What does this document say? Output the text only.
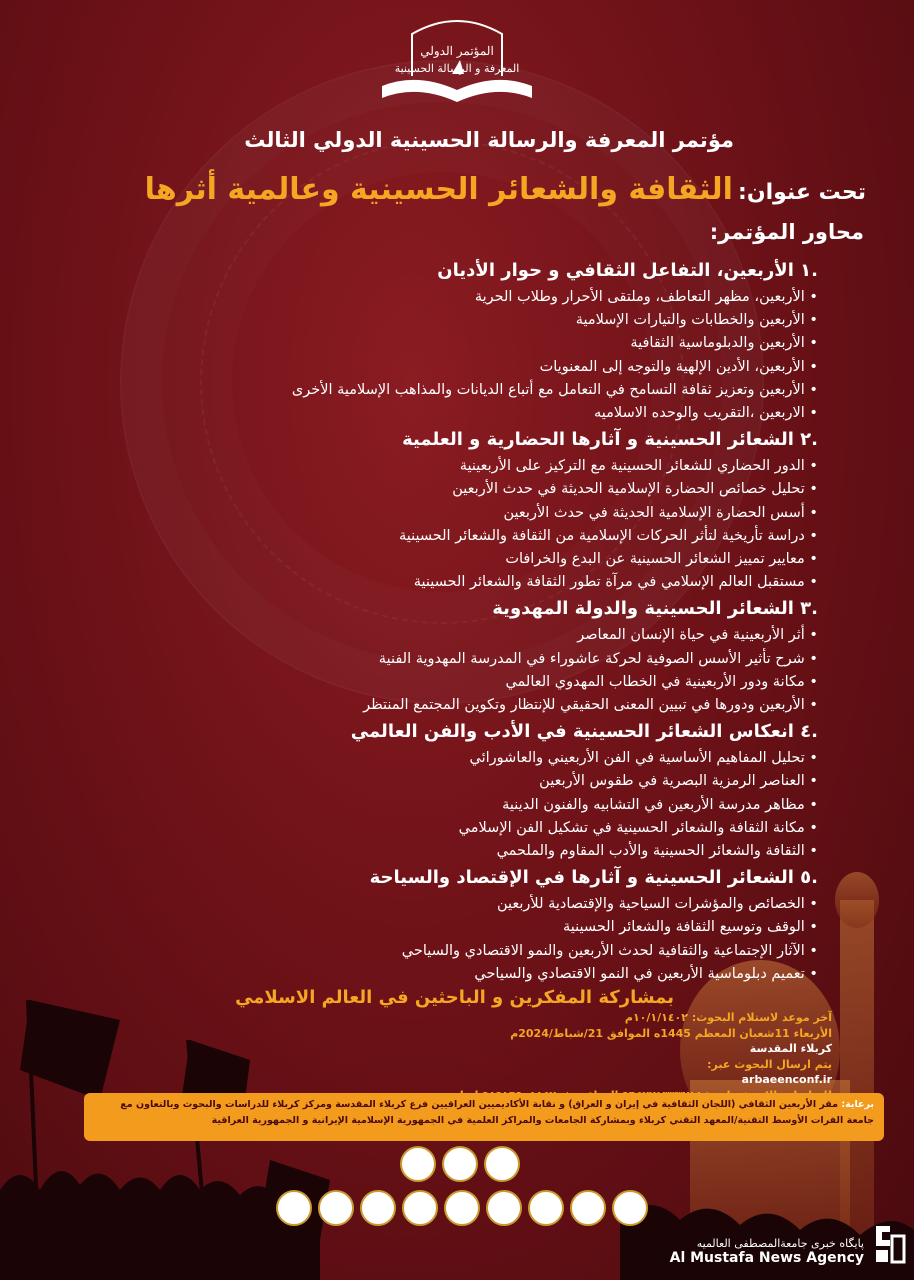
المؤتمر الدولي
المعرفة و الرسالة الحسينية
مؤتمر المعرفة والرسالة الحسينية الدولي الثالث
تحت عنوان: الثقافة والشعائر الحسينية وعالمية أثرها
محاور المؤتمر:
.١ الأربعين، التفاعل الثقافي و حوار الأديان
• الأربعين، مظهر التعاطف، وملتقى الأحرار وطلاب الحرية
• الأربعين والخطابات والتيارات الإسلامية
• الأربعين والدبلوماسية الثقافية
• الأربعين، الأدين الإلهية والتوجه إلى المعنويات
• الأربعين وتعزيز ثقافة التسامح في التعامل مع أتباع الديانات والمذاهب الإسلامية الأخرى
• الاربعين ،التقريب والوحده الاسلاميه
.٢ الشعائر الحسينية و آثارها الحضارية و العلمية
• الدور الحضاري للشعائر الحسينية مع التركيز على الأربعينية
• تحليل خصائص الحضارة الإسلامية الحديثة في حدث الأربعين
• أسس الحضارة الإسلامية الحديثة في حدث الأربعين
• دراسة تأريخية لتأثر الحركات الإسلامية من الثقافة والشعائر الحسينية
• معايير تمييز الشعائر الحسينية عن البدع والخرافات
• مستقبل العالم الإسلامي في مرآة تطور الثقافة والشعائر الحسينية
.٣ الشعائر الحسينية والدولة المهدوية
• أثر الأربعينية في حياة الإنسان المعاصر
• شرح تأثير الأسس الصوفية لحركة عاشوراء في المدرسة المهدوية الفنية
• مكانة ودور الأربعينية في الخطاب المهدوي العالمي
• الأربعين ودورها في تبيين المعنى الحقيقي للإنتظار وتكوين المجتمع المنتظر
.٤ انعكاس الشعائر الحسينية في الأدب والفن العالمي
• تحليل المفاهيم الأساسية في الفن الأربعيني والعاشورائي
• العناصر الرمزية البصرية في طقوس الأربعين
• مظاهر مدرسة الأربعين في التشابيه والفنون الدينية
• مكانة الثقافة والشعائر الحسينية في تشكيل الفن الإسلامي
• الثقافة والشعائر الحسينية والأدب المقاوم والملحمي
.٥ الشعائر الحسينية و آثارها في الإقتصاد والسياحة
• الخصائص والمؤشرات السياحية والإقتصادية للأربعين
• الوقف وتوسيع الثقافة والشعائر الحسينية
• الآثار الإجتماعية والثقافية لحدث الأربعين والنمو الاقتصادي والسياحي
• تعميم دبلوماسية الأربعين في النمو الاقتصادي والسياحي
بمشاركة المفكرين و الباحثين في العالم الاسلامي
آخر موعد لاستلام البحوث: ١٠/١/١٤٠٢م
الأربعاء 11شعبان المعظم 1445ه الموافق 21/شباط/2024م
كربلاء المقدسة
يتم ارسال البحوث عبر:
arbaeenconf.ir
برعاية: مقر الأربعين الثقافي (اللجان الثقافية في إيران و العراق) و نقابة الأكاديميين العراقيين فرع كربلاء المقدسة ومركز كربلاء للدراسات والبحوث وبالتعاون مع جامعة الفرات الأوسط التقنية/المعهد التقني كربلاء وبمشاركة الجامعات والمراكز العلمية في الجمهورية الإسلامية الإيرانية و الجمهورية العراقية
پایگاه خبری جامعةالمصطفی العالمیه
Al Mustafa News Agency
